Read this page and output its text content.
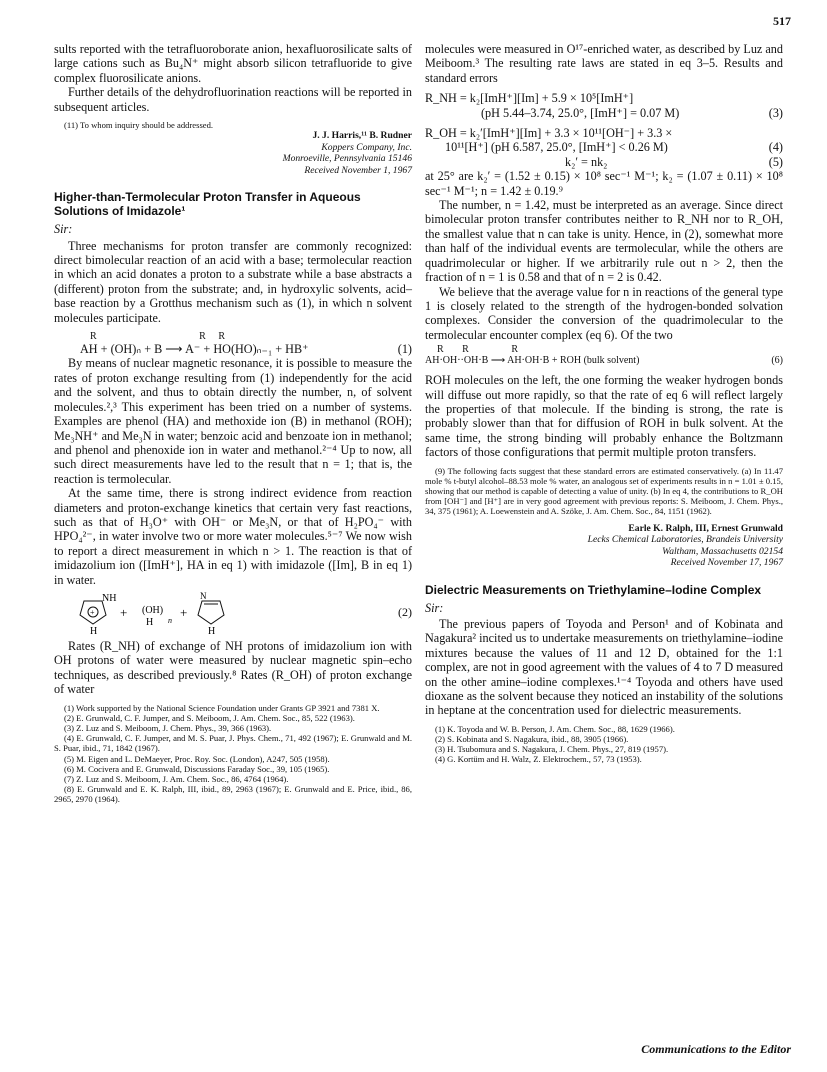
517

sults reported with the tetrafluoroborate anion, hexafluorosilicate salts of large cations such as Bu₄N⁺ might absorb silicon tetrafluoride to give complex fluorosilicate anions.

Further details of the dehydrofluorination reactions will be reported in subsequent articles.

(11) To whom inquiry should be addressed.
J. J. Harris,¹¹ B. Rudner
Koppers Company, Inc.
Monroeville, Pennsylvania 15146
Received November 1, 1967
Higher-than-Termolecular Proton Transfer in Aqueous Solutions of Imidazole¹
Sir:

Three mechanisms for proton transfer are commonly recognized: direct bimolecular reaction of an acid with a base; termolecular reaction in which an acid donates a proton to a substrate while a base abstracts a (different) proton from the substrate; and, in hydroxylic solvents, acid–base reaction by a Grotthus mechanism such as (1), in which n solvent molecules participate.

R                                  R    R
AH + (OH)ₙ + B ⟶ A⁻ + HO(HO)ₙ₋₁ + HB⁺	(1)

By means of nuclear magnetic resonance, it is possible to measure the rates of proton exchange resulting from (1) independently for the acid and the solvent, and thus to obtain directly the number, n, of solvent molecules.²,³ This experiment has been tried on a number of systems. Examples are phenol (HA) and methoxide ion (B) in methanol (ROH); Me₃NH⁺ and Me₃N in water; benzoic acid and benzoate ion in methanol; and phenol and phenoxide ion in water and methanol.²⁻⁴ Up to now, all such direct measurements have led to the result that n = 1; that is, the reaction is termolecular.

At the same time, there is strong indirect evidence from reaction diameters and proton-exchange kinetics that certain very fast reactions, such as that of H₃O⁺ with OH⁻ or Me₃N, or that of H₂PO₄⁻ with HPO₄²⁻, in water involve two or more water molecules.⁵⁻⁷ We now wish to report a direct measurement in which n > 1. The reaction is that of imidazolium ion ([ImH⁺], HA in eq 1) with imidazole ([Im], B in eq 1) in water.

+
NH
H
+ (OH)
H n
+
N
H
(2)

Rates (R_NH) of exchange of NH protons of imidazolium ion with OH protons of water were measured by nuclear magnetic spin–echo techniques, as described previously.⁸ Rates (R_OH) of proton exchange of water

(1) Work supported by the National Science Foundation under Grants GP 3921 and 7381 X.
(2) E. Grunwald, C. F. Jumper, and S. Meiboom, J. Am. Chem. Soc., 85, 522 (1963).
(3) Z. Luz and S. Meiboom, J. Chem. Phys., 39, 366 (1963).
(4) E. Grunwald, C. F. Jumper, and M. S. Puar, J. Phys. Chem., 71, 492 (1967); E. Grunwald and M. S. Puar, ibid., 71, 1842 (1967).
(5) M. Eigen and L. DeMaeyer, Proc. Roy. Soc. (London), A247, 505 (1958).
(6) M. Cocivera and E. Grunwald, Discussions Faraday Soc., 39, 105 (1965).
(7) Z. Luz and S. Meiboom, J. Am. Chem. Soc., 86, 4764 (1964).
(8) E. Grunwald and E. K. Ralph, III, ibid., 89, 2963 (1967); E. Grunwald and E. Price, ibid., 86, 2965, 2970 (1964).

molecules were measured in O¹⁷-enriched water, as described by Luz and Meiboom.³ The resulting rate laws are stated in eq 3–5. Results and standard errors

R_NH = k₂[ImH⁺][Im] + 5.9 × 10⁵[ImH⁺]
(pH 5.44–3.74, 25.0°, [ImH⁺] = 0.07 M)	(3)
R_OH = k₂′[ImH⁺][Im] + 3.3 × 10¹¹[OH⁻] + 3.3 ×
10¹¹[H⁺] (pH 6.587, 25.0°, [ImH⁺] < 0.26 M)	(4)
k₂′ = nk₂	(5)

at 25° are k₂′ = (1.52 ± 0.15) × 10⁸ sec⁻¹ M⁻¹; k₂ = (1.07 ± 0.11) × 10⁸ sec⁻¹ M⁻¹; n = 1.42 ± 0.19.⁹

The number, n = 1.42, must be interpreted as an average. Since direct bimolecular proton transfer contributes neither to R_NH nor to R_OH, the smallest value that n can take is unity. Hence, in (2), somewhat more than half of the individual events are termolecular, while the others are quadrimolecular or higher. If we arbitrarily rule out n > 2, then the fraction of n = 1 is 0.58 and that of n = 2 is 0.42.

We believe that the average value for n in reactions of the general type 1 is closely related to the strength of the hydrogen-bonded solvation complexes. Consider the conversion of the quadrimolecular to the termolecular encounter complex (eq 6). Of the two

R      R              R
AH·OH··OH·B ⟶ AH·OH·B + ROH (bulk solvent)	(6)

ROH molecules on the left, the one forming the weaker hydrogen bonds will diffuse out more rapidly, so that the rate of eq 6 will reflect largely the properties of that molecule. If the binding is strong, the rate is probably slower than that for diffusion of ROH in bulk solvent. At the same time, the strong binding will probably enhance the Boltzmann factors of those configurations that permit multiple proton transfers.

(9) The following facts suggest that these standard errors are estimated conservatively. (a) In 11.47 mole % t-butyl alcohol–88.53 mole % water, an analogous set of experiments results in n = 1.01 ± 0.15, showing that our method is capable of detecting a value of unity. (b) In eq 4, the contributions to R_OH from [OH⁻] and [H⁺] are in very good agreement with previous reports: S. Meiboom, J. Chem. Phys., 34, 375 (1961); A. Loewenstein and A. Szöke, J. Am. Chem. Soc., 84, 1151 (1962).
Earle K. Ralph, III, Ernest Grunwald
Lecks Chemical Laboratories, Brandeis University
Waltham, Massachusetts 02154
Received November 17, 1967
Dielectric Measurements on Triethylamine–Iodine Complex
Sir:

The previous papers of Toyoda and Person¹ and of Kobinata and Nagakura² incited us to undertake measurements on triethylamine–iodine mixtures because the values of 11 and 12 D, obtained for the 1:1 complex, are not in good agreement with the values of 4 to 7 D measured on the other amine–iodine complexes.¹⁻⁴ Toyoda and others have used dioxane as the solvent because they noticed an instability of the solutions in heptane at the concentration used for dielectric measurements.

(1) K. Toyoda and W. B. Person, J. Am. Chem. Soc., 88, 1629 (1966).
(2) S. Kobinata and S. Nagakura, ibid., 88, 3905 (1966).
(3) H. Tsubomura and S. Nagakura, J. Chem. Phys., 27, 819 (1957).
(4) G. Kortüm and H. Walz, Z. Elektrochem., 57, 73 (1953).
Communications to the Editor
